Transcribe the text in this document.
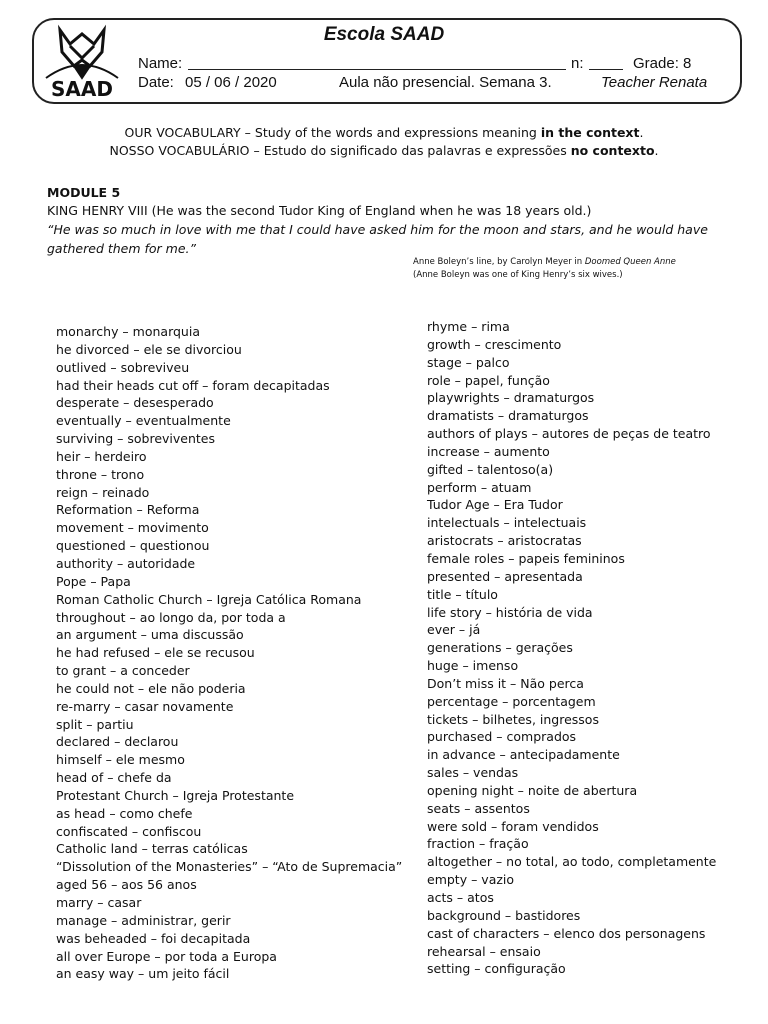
SAAD
Escola SAAD
Name:	n:	Grade: 8
Date: 05 / 06 / 2020	Aula não presencial. Semana 3.	Teacher Renata
OUR VOCABULARY – Study of the words and expressions meaning in the context.
NOSSO VOCABULÁRIO – Estudo do significado das palavras e expressões no contexto.
MODULE 5
KING HENRY VIII (He was the second Tudor King of England when he was 18 years old.)
“He was so much in love with me that I could have asked him for the moon and stars, and he would have gathered them for me.”
Anne Boleyn’s line, by Carolyn Meyer in Doomed Queen Anne
(Anne Boleyn was one of King Henry’s six wives.)
monarchy – monarquia
he divorced – ele se divorciou
outlived – sobreviveu
had their heads cut off – foram decapitadas
desperate – desesperado
eventually – eventualmente
surviving – sobreviventes
heir – herdeiro
throne – trono
reign – reinado
Reformation – Reforma
movement – movimento
questioned – questionou
authority – autoridade
Pope – Papa
Roman Catholic Church – Igreja Católica Romana
throughout – ao longo da, por toda a
an argument – uma discussão
he had refused – ele se recusou
to grant – a conceder
he could not – ele não poderia
re-marry – casar novamente
split – partiu
declared – declarou
himself – ele mesmo
head of – chefe da
Protestant Church – Igreja Protestante
as head – como chefe
confiscated – confiscou
Catholic land – terras católicas
“Dissolution of the Monasteries” – “Ato de Supremacia”
aged 56 – aos 56 anos
marry – casar
manage – administrar, gerir
was beheaded – foi decapitada
all over Europe – por toda a Europa
an easy way – um jeito fácil
rhyme – rima
growth – crescimento
stage – palco
role – papel, função
playwrights – dramaturgos
dramatists – dramaturgos
authors of plays – autores de peças de teatro
increase – aumento
gifted – talentoso(a)
perform – atuam
Tudor Age – Era Tudor
intelectuals – intelectuais
aristocrats – aristocratas
female roles – papeis femininos
presented – apresentada
title – título
life story – história de vida
ever – já
generations – gerações
huge – imenso
Don’t miss it – Não perca
percentage – porcentagem
tickets – bilhetes, ingressos
purchased – comprados
in advance – antecipadamente
sales – vendas
opening night – noite de abertura
seats – assentos
were sold – foram vendidos
fraction – fração
altogether – no total, ao todo, completamente
empty – vazio
acts – atos
background – bastidores
cast of characters – elenco dos personagens
rehearsal – ensaio
setting – configuração
